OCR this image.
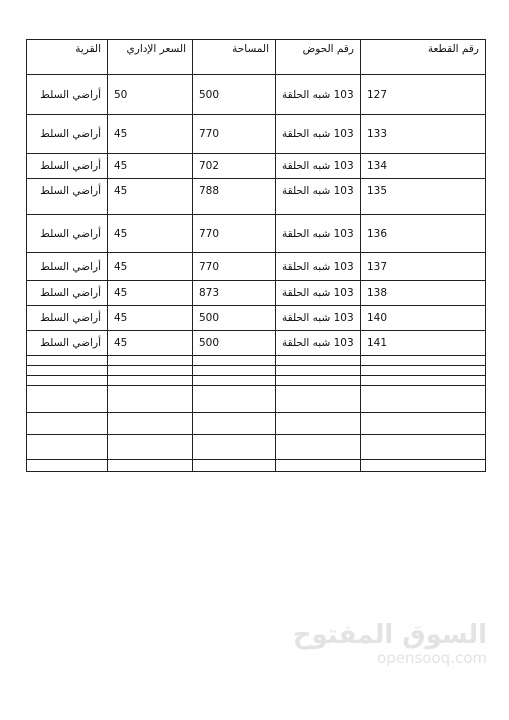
رقم القطعة	رقم الحوض	المساحة	السعر الإداري	القرية
127	103 شبه الحلقة	500	50	أراضي السلط
133	103 شبه الحلقة	770	45	أراضي السلط
134	103 شبه الحلقة	702	45	أراضي السلط
135	103 شبه الحلقة	788	45	أراضي السلط
136	103 شبه الحلقة	770	45	أراضي السلط
137	103 شبه الحلقة	770	45	أراضي السلط
138	103 شبه الحلقة	873	45	أراضي السلط
140	103 شبه الحلقة	500	45	أراضي السلط
141	103 شبه الحلقة	500	45	أراضي السلط

السوق المفتوح
opensooq.com
